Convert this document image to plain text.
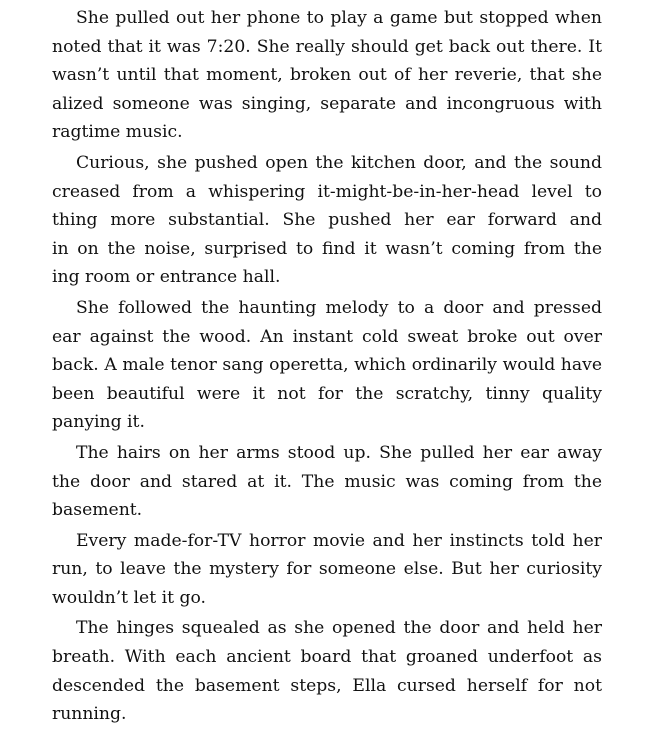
She pulled out her phone to play a game but stopped when
noted that it was 7:20. She really should get back out there. It
wasn’t until that moment, broken out of her reverie, that she
alized someone was singing, separate and incongruous with
ragtime music.
Curious, she pushed open the kitchen door, and the sound
creased from a whispering it-might-be-in-her-head level to
thing more substantial. She pushed her ear forward and
in on the noise, surprised to find it wasn’t coming from the
ing room or entrance hall.
She followed the haunting melody to a door and pressed
ear against the wood. An instant cold sweat broke out over
back. A male tenor sang operetta, which ordinarily would have
been beautiful were it not for the scratchy, tinny quality
panying it.
The hairs on her arms stood up. She pulled her ear away
the door and stared at it. The music was coming from the
basement.
Every made-for-TV horror movie and her instincts told her
run, to leave the mystery for someone else. But her curiosity
wouldn’t let it go.
The hinges squealed as she opened the door and held her
breath. With each ancient board that groaned underfoot as
descended the basement steps, Ella cursed herself for not
running.
